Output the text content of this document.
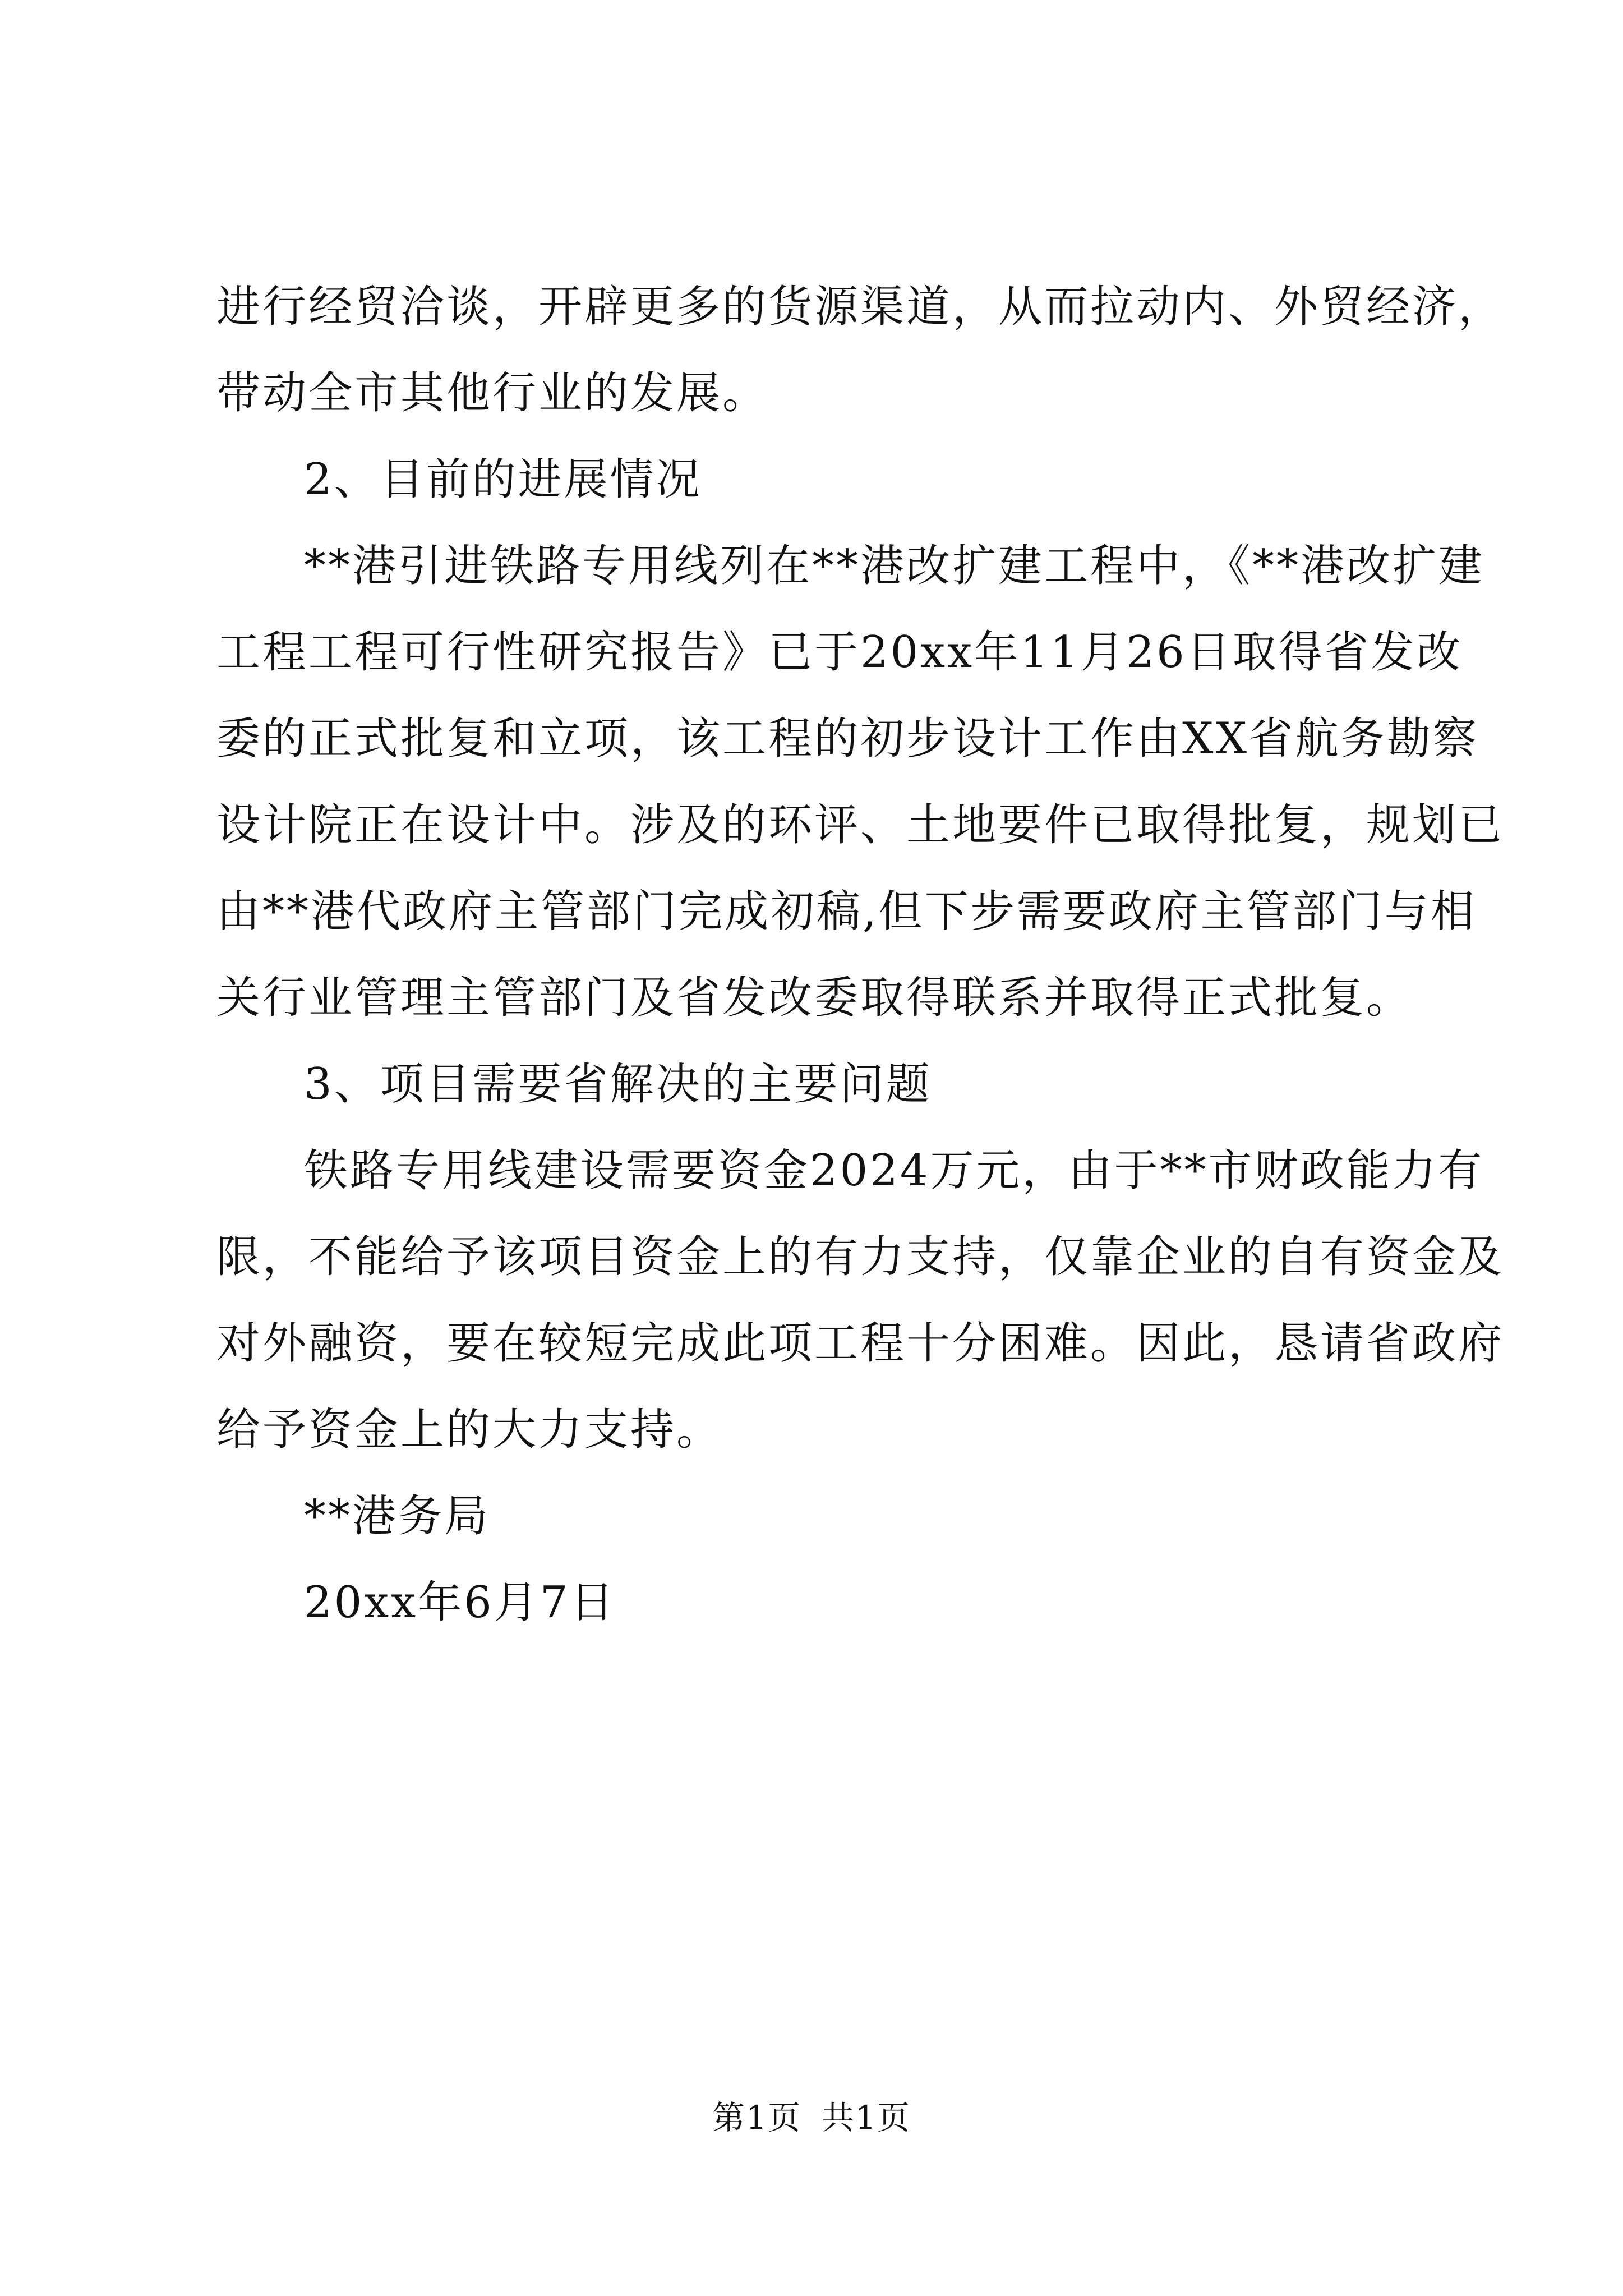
进行经贸洽谈，开辟更多的货源渠道，从而拉动内、外贸经济，
带动全市其他行业的发展。
2、目前的进展情况
**港引进铁路专用线列在**港改扩建工程中，《**港改扩建
工程工程可行性研究报告》已于20xx年11月26日取得省发改
委的正式批复和立项，该工程的初步设计工作由XX省航务勘察
设计院正在设计中。涉及的环评、土地要件已取得批复，规划已
由**港代政府主管部门完成初稿,但下步需要政府主管部门与相
关行业管理主管部门及省发改委取得联系并取得正式批复。
3、项目需要省解决的主要问题
铁路专用线建设需要资金2024万元，由于**市财政能力有
限，不能给予该项目资金上的有力支持，仅靠企业的自有资金及
对外融资，要在较短完成此项工程十分困难。因此，恳请省政府
给予资金上的大力支持。
**港务局
20xx年6月7日
第1页 共1页
